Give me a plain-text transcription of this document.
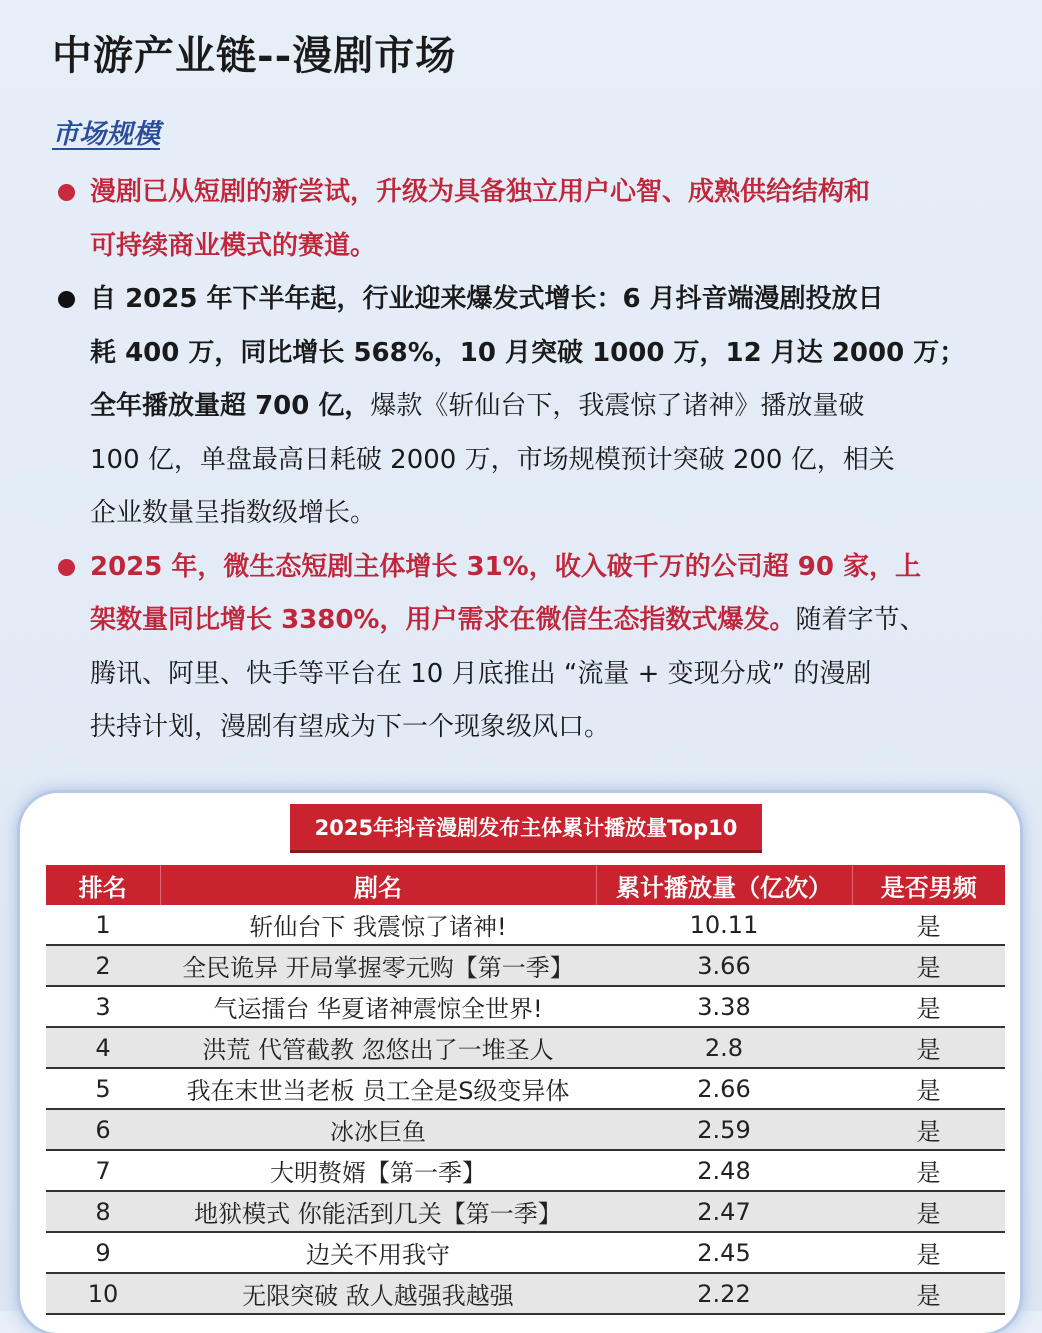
中游产业链--漫剧市场
市场规模
漫剧已从短剧的新尝试，升级为具备独立用户心智、成熟供给结构和
可持续商业模式的赛道。
自 2025 年下半年起，行业迎来爆发式增长：6 月抖音端漫剧投放日
耗 400 万，同比增长 568%，10 月突破 1000 万，12 月达 2000 万；
全年播放量超 700 亿，爆款《斩仙台下，我震惊了诸神》播放量破
100 亿，单盘最高日耗破 2000 万，市场规模预计突破 200 亿，相关
企业数量呈指数级增长。
2025 年，微生态短剧主体增长 31%，收入破千万的公司超 90 家，上
架数量同比增长 3380%，用户需求在微信生态指数式爆发。随着字节、
腾讯、阿里、快手等平台在 10 月底推出 “流量 + 变现分成” 的漫剧
扶持计划，漫剧有望成为下一个现象级风口。
2025年抖音漫剧发布主体累计播放量Top10
排名	剧名	累计播放量（亿次）	是否男频
1	斩仙台下 我震惊了诸神!	10.11	是
2	全民诡异 开局掌握零元购【第一季】	3.66	是
3	气运擂台 华夏诸神震惊全世界!	3.38	是
4	洪荒 代管截教 忽悠出了一堆圣人	2.8	是
5	我在末世当老板 员工全是S级变异体	2.66	是
6	冰冰巨鱼	2.59	是
7	大明赘婿【第一季】	2.48	是
8	地狱模式 你能活到几关【第一季】	2.47	是
9	边关不用我守	2.45	是
10	无限突破 敌人越强我越强	2.22	是
